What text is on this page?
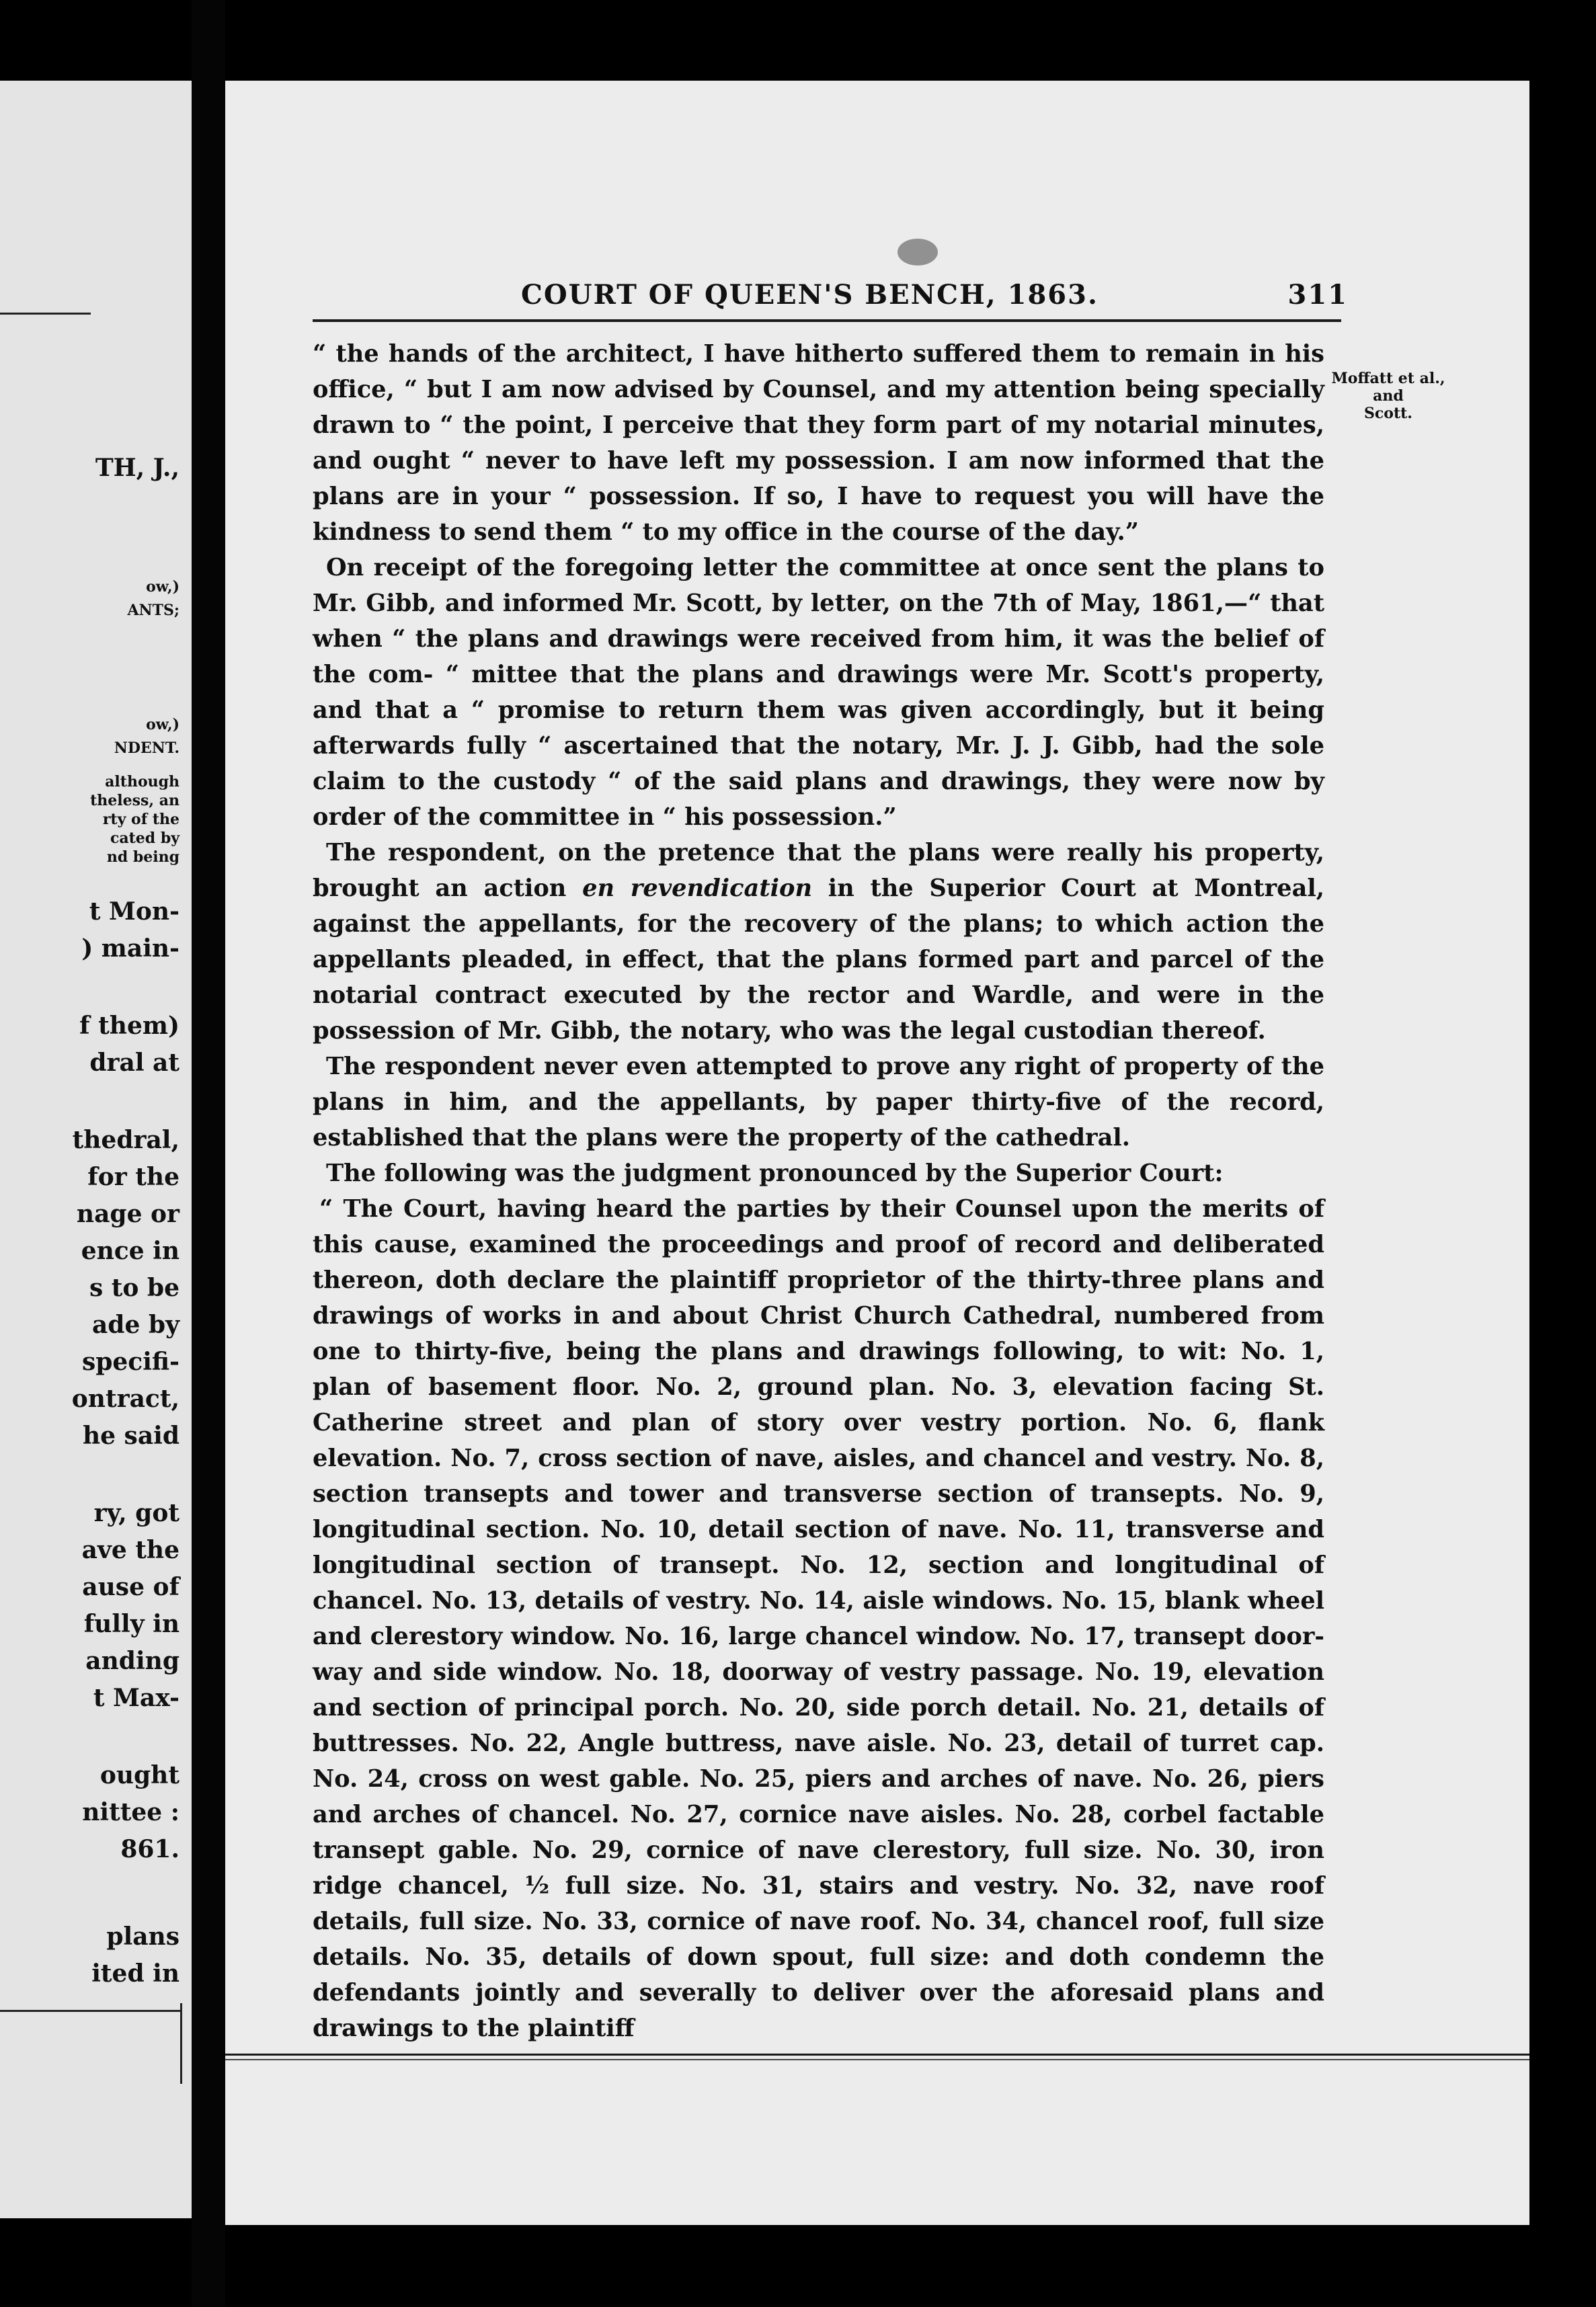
TH, J.,
ow,)
ANTS;
ow,)
NDENT.
although
theless, an
rty of the
cated by
nd being
t Mon-
) main-
f them)
dral at
thedral,
for the
nage or
ence in
s to be
ade by
specifi-
ontract,
he said
ry, got
ave the
ause of
fully in
anding
t Max-
ought
nittee :
861.
plans
ited in
COURT OF QUEEN'S BENCH, 1863.	311
Moffatt et al.,
and
Scott.

“ the hands of the architect, I have hitherto suffered them to remain in his office, “ but I am now advised by Counsel, and my attention being specially drawn to “ the point, I perceive that they form part of my notarial minutes, and ought “ never to have left my possession. I am now informed that the plans are in your “ possession. If so, I have to request you will have the kindness to send them “ to my office in the course of the day.”

On receipt of the foregoing letter the committee at once sent the plans to Mr. Gibb, and informed Mr. Scott, by letter, on the 7th of May, 1861,—“ that when “ the plans and drawings were received from him, it was the belief of the com- “ mittee that the plans and drawings were Mr. Scott's property, and that a “ promise to return them was given accordingly, but it being afterwards fully “ ascertained that the notary, Mr. J. J. Gibb, had the sole claim to the custody “ of the said plans and drawings, they were now by order of the committee in “ his possession.”

The respondent, on the pretence that the plans were really his property, brought an action en revendication in the Superior Court at Montreal, against the appellants, for the recovery of the plans; to which action the appellants pleaded, in effect, that the plans formed part and parcel of the notarial contract executed by the rector and Wardle, and were in the possession of Mr. Gibb, the notary, who was the legal custodian thereof.

The respondent never even attempted to prove any right of property of the plans in him, and the appellants, by paper thirty-five of the record, established that the plans were the property of the cathedral.

The following was the judgment pronounced by the Superior Court:

“ The Court, having heard the parties by their Counsel upon the merits of this cause, examined the proceedings and proof of record and deliberated thereon, doth declare the plaintiff proprietor of the thirty-three plans and drawings of works in and about Christ Church Cathedral, numbered from one to thirty-five, being the plans and drawings following, to wit: No. 1, plan of basement floor. No. 2, ground plan. No. 3, elevation facing St. Catherine street and plan of story over vestry portion. No. 6, flank elevation. No. 7, cross section of nave, aisles, and chancel and vestry. No. 8, section transepts and tower and transverse section of transepts. No. 9, longitudinal section. No. 10, detail section of nave. No. 11, transverse and longitudinal section of transept. No. 12, section and longitudinal of chancel. No. 13, details of vestry. No. 14, aisle windows. No. 15, blank wheel and clerestory window. No. 16, large chancel window. No. 17, transept door-way and side window. No. 18, doorway of vestry passage. No. 19, elevation and section of principal porch. No. 20, side porch detail. No. 21, details of buttresses. No. 22, Angle buttress, nave aisle. No. 23, detail of turret cap. No. 24, cross on west gable. No. 25, piers and arches of nave. No. 26, piers and arches of chancel. No. 27, cornice nave aisles. No. 28, corbel factable transept gable. No. 29, cornice of nave clerestory, full size. No. 30, iron ridge chancel, ½ full size. No. 31, stairs and vestry. No. 32, nave roof details, full size. No. 33, cornice of nave roof. No. 34, chancel roof, full size details. No. 35, details of down spout, full size: and doth condemn the defendants jointly and severally to deliver over the aforesaid plans and drawings to the plaintiff
